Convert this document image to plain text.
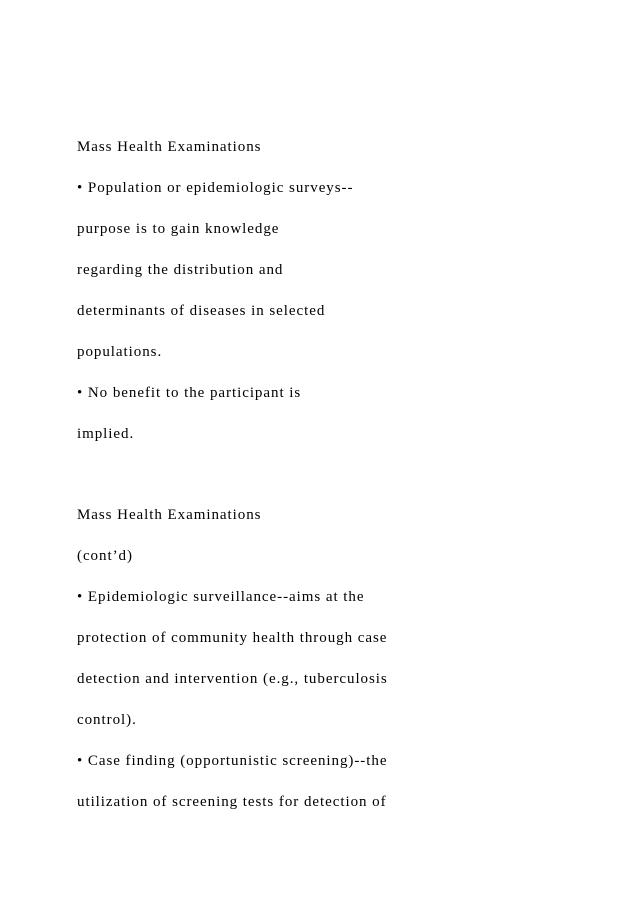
Mass Health Examinations

• Population or epidemiologic surveys--

purpose is to gain knowledge

regarding the distribution and

determinants of diseases in selected

populations.

• No benefit to the participant is

implied.

Mass Health Examinations

(cont’d)

• Epidemiologic surveillance--aims at the

protection of community health through case

detection and intervention (e.g., tuberculosis

control).

• Case finding (opportunistic screening)--the

utilization of screening tests for detection of
